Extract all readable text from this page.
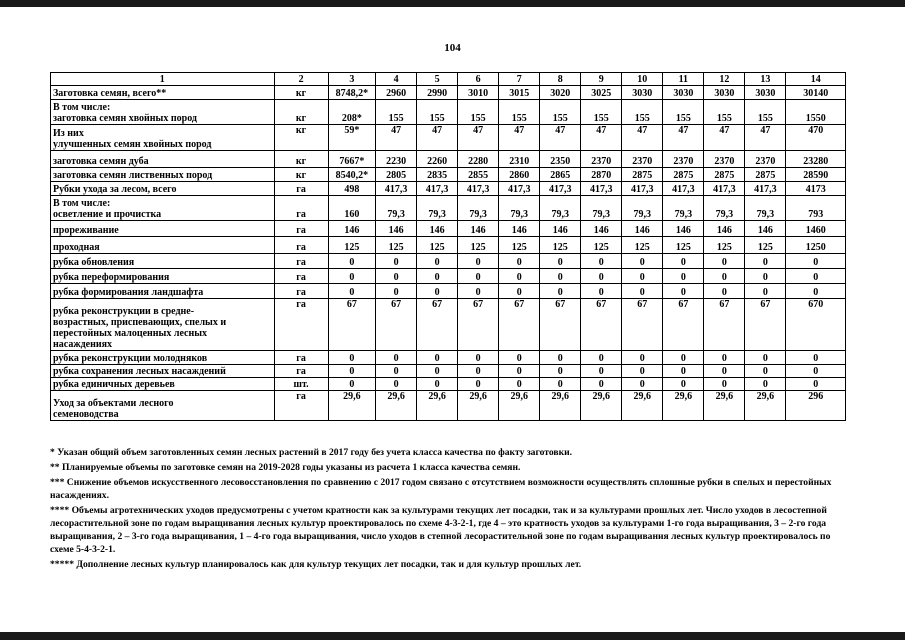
104
1	2	3	4	5	6	7	8	9	10	11	12	13	14

Заготовка семян, всего**	кг	8748,2*	2960	2990	3010	3015	3020	3025	3030	3030	3030	3030	30140

В том числе:
заготовка семян хвойных пород	кг	208*	155	155	155	155	155	155	155	155	155	155	1550

Из них
улучшенных семян хвойных пород	кг	59*	47	47	47	47	47	47	47	47	47	47	470

заготовка семян дуба	кг	7667*	2230	2260	2280	2310	2350	2370	2370	2370	2370	2370	23280

заготовка семян лиственных пород	кг	8540,2*	2805	2835	2855	2860	2865	2870	2875	2875	2875	2875	28590

Рубки ухода за лесом, всего	га	498	417,3	417,3	417,3	417,3	417,3	417,3	417,3	417,3	417,3	417,3	4173

В том числе:
осветление и прочистка	га	160	79,3	79,3	79,3	79,3	79,3	79,3	79,3	79,3	79,3	79,3	793

прореживание	га	146	146	146	146	146	146	146	146	146	146	146	1460

проходная	га	125	125	125	125	125	125	125	125	125	125	125	1250

рубка обновления	га	0	0	0	0	0	0	0	0	0	0	0	0

рубка переформирования	га	0	0	0	0	0	0	0	0	0	0	0	0

рубка формирования ландшафта	га	0	0	0	0	0	0	0	0	0	0	0	0

рубка реконструкции в средне-
возрастных, приспевающих, спелых и
перестойных малоценных лесных
насаждениях	га	67	67	67	67	67	67	67	67	67	67	67	670

рубка реконструкции молодняков	га	0	0	0	0	0	0	0	0	0	0	0	0

рубка сохранения лесных насаждений	га	0	0	0	0	0	0	0	0	0	0	0	0

рубка единичных деревьев	шт.	0	0	0	0	0	0	0	0	0	0	0	0

Уход за объектами лесного
семеноводства	га	29,6	29,6	29,6	29,6	29,6	29,6	29,6	29,6	29,6	29,6	29,6	296
* Указан общий объем заготовленных семян лесных растений в 2017 году без учета класса качества по факту заготовки.
** Планируемые объемы по заготовке семян на 2019-2028 годы указаны из расчета 1 класса качества семян.
*** Снижение объемов искусственного лесовосстановления по сравнению с 2017 годом связано с отсутствием возможности осуществлять сплошные рубки в спелых и перестойных насаждениях.
**** Объемы агротехнических уходов предусмотрены с учетом кратности как за культурами текущих лет посадки, так и за культурами прошлых лет. Число уходов в лесостепной лесорастительной зоне по годам выращивания лесных культур проектировалось по схеме 4-3-2-1, где 4 – это кратность уходов за культурами 1-го года выращивания, 3 – 2-го года выращивания, 2 – 3-го года выращивания, 1 – 4-го года выращивания, число уходов в степной лесорастительной зоне по годам выращивания лесных культур проектировалось по схеме 5-4-3-2-1.
***** Дополнение лесных культур планировалось как для культур текущих лет посадки, так и для культур прошлых лет.
